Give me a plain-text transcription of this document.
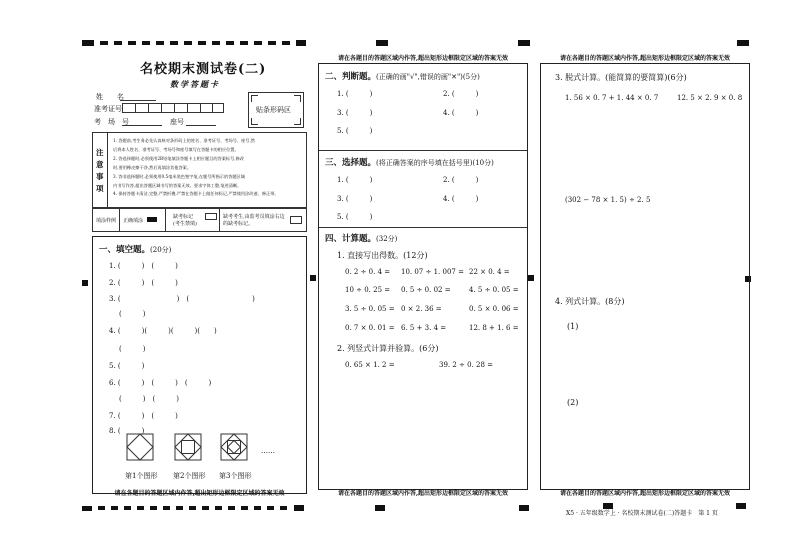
名校期末测试卷(二)
数学答题卡
姓　　名
准考证号
考　场　号	座号
贴条形码区
注
意
事
项
1. 答题前,考生务必先认真核对条形码上的姓名、准考证号、考场号、座号,然
后将本人姓名、准考证号、考场号和座号填写在答题卡的相应位置。
2. 答选择题时,必须使用2B铅笔填涂答题卡上相应题目的答案标号,修改
时,要用橡皮擦干净,然后再填涂其他答案。
3. 答非选择题时,必须使用0.5毫米黑色签字笔,在题号所指示的答题区域
内书写作答,超出答题区域书写的答案无效。要求字体工整,笔迹清晰。
4. 保持答题卡清洁,完整,严禁折叠,严禁在答题卡上做任何标记,严禁使用涂改液、修正带。
填涂样例 正确填涂
缺考标记
(考生禁填)
缺考考生,由监考员填涂右边
的缺考标记。
一、填空题。(20分)
1. (　　　)　(　　　)
2. (　　　)　(　　　)
3. (　　　　　　　　)　(　　　　　　　　　)
(　　　)
4. (　　　)(　　　)(　　　)(　　)
(　　　)
5. (　　　)
6. (　　　)　(　　　)　(　　　)
(　　　)　(　　　)
7. (　　　)　(　　　)
8. (　　　)
……
第1个图形 第2个图形 第3个图形
请在各题目的答题区域内作答,超出矩形边框限定区域的答案无效
请在各题目的答题区域内作答,超出矩形边框限定区域的答案无效
二、判断题。(正确的画"√",错误的画"✕")(5分)
1. (　　　)	2. (　　　)
3. (　　　)	4. (　　　)
5. (　　　)
三、选择题。(将正确答案的序号填在括号里)(10分)
1. (　　　)	2. (　　　)
3. (　　　)	4. (　　　)
5. (　　　)
四、计算题。(32分)
1. 直接写出得数。(12分)
0. 2 ÷ 0. 4 = 10. 07 ÷ 1. 007 = 22 × 0. 4 =
10 ÷ 0. 25 = 0. 5 ÷ 0. 02 =	4. 5 ÷ 0. 05 =
3. 5 ÷ 0. 05 = 0 × 2. 36 =	0. 5 × 0. 06 =
0. 7 × 0. 01 = 6. 5 + 3. 4 =	12. 8 + 1. 6 =
2. 列竖式计算并验算。(6分)
0. 65 × 1. 2 =	39. 2 ÷ 0. 28 =
请在各题目的答题区域内作答,超出矩形边框限定区域的答案无效
请在各题目的答题区域内作答,超出矩形边框限定区域的答案无效
3. 脱式计算。(能简算的要简算)(6分)
1. 56 × 0. 7 + 1. 44 × 0. 7	12. 5 × 2. 9 × 0. 8
(302 − 78 × 1. 5) ÷ 2. 5
4. 列式计算。(8分)
(1)
(2)
请在各题目的答题区域内作答,超出矩形边框限定区域的答案无效
X5 · 五年级数学上 · 名校期末测试卷(二)答题卡　第 1 页
